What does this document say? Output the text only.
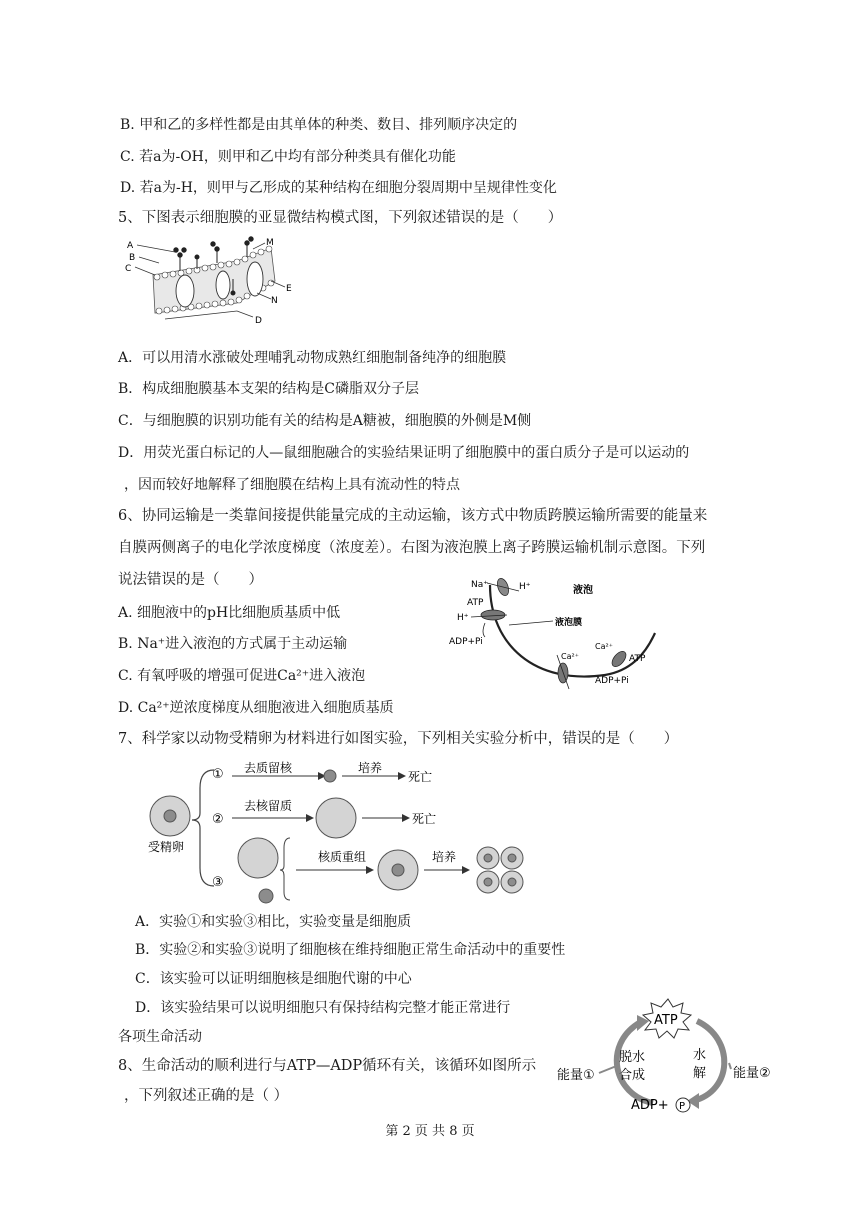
B. 甲和乙的多样性都是由其单体的种类、数目、排列顺序决定的
C. 若a为-OH，则甲和乙中均有部分种类具有催化功能
D. 若a为-H，则甲与乙形成的某种结构在细胞分裂周期中呈规律性变化
5、下图表示细胞膜的亚显微结构模式图，下列叙述错误的是（　　）
A
B
C
M
E
N
D
A．可以用清水涨破处理哺乳动物成熟红细胞制备纯净的细胞膜
B．构成细胞膜基本支架的结构是C磷脂双分子层
C．与细胞膜的识别功能有关的结构是A糖被，细胞膜的外侧是M侧
D．用荧光蛋白标记的人—鼠细胞融合的实验结果证明了细胞膜中的蛋白质分子是可以运动的
，因而较好地解释了细胞膜在结构上具有流动性的特点
6、协同运输是一类靠间接提供能量完成的主动运输，该方式中物质跨膜运输所需要的能量来
自膜两侧离子的电化学浓度梯度（浓度差）。右图为液泡膜上离子跨膜运输机制示意图。下列
说法错误的是（　　）
A. 细胞液中的pH比细胞质基质中低
B. Na⁺进入液泡的方式属于主动运输
C. 有氧呼吸的增强可促进Ca²⁺进入液泡
D. Ca²⁺逆浓度梯度从细胞液进入细胞质基质
Na⁺	H⁺
ATP
H⁺
ADP+Pi
液泡
液泡膜
Ca²⁺
Ca²⁺
ATP
ADP+Pi
7、科学家以动物受精卵为材料进行如图实验，下列相关实验分析中，错误的是（　　）
受精卵
① 去质留核	培养
死亡
②
去核留质
死亡
③
核质重组	培养
A．实验①和实验③相比，实验变量是细胞质
B．实验②和实验③说明了细胞核在维持细胞正常生命活动中的重要性
C．该实验可以证明细胞核是细胞代谢的中心
D．该实验结果可以说明细胞只有保持结构完整才能正常进行
各项生命活动
8、生命活动的顺利进行与ATP—ADP循环有关，该循环如图所示
，下列叙述正确的是（ ）
ATP
脱水
合成
水
解
能量①	能量②
ADP+ P
第 2 页 共 8 页
